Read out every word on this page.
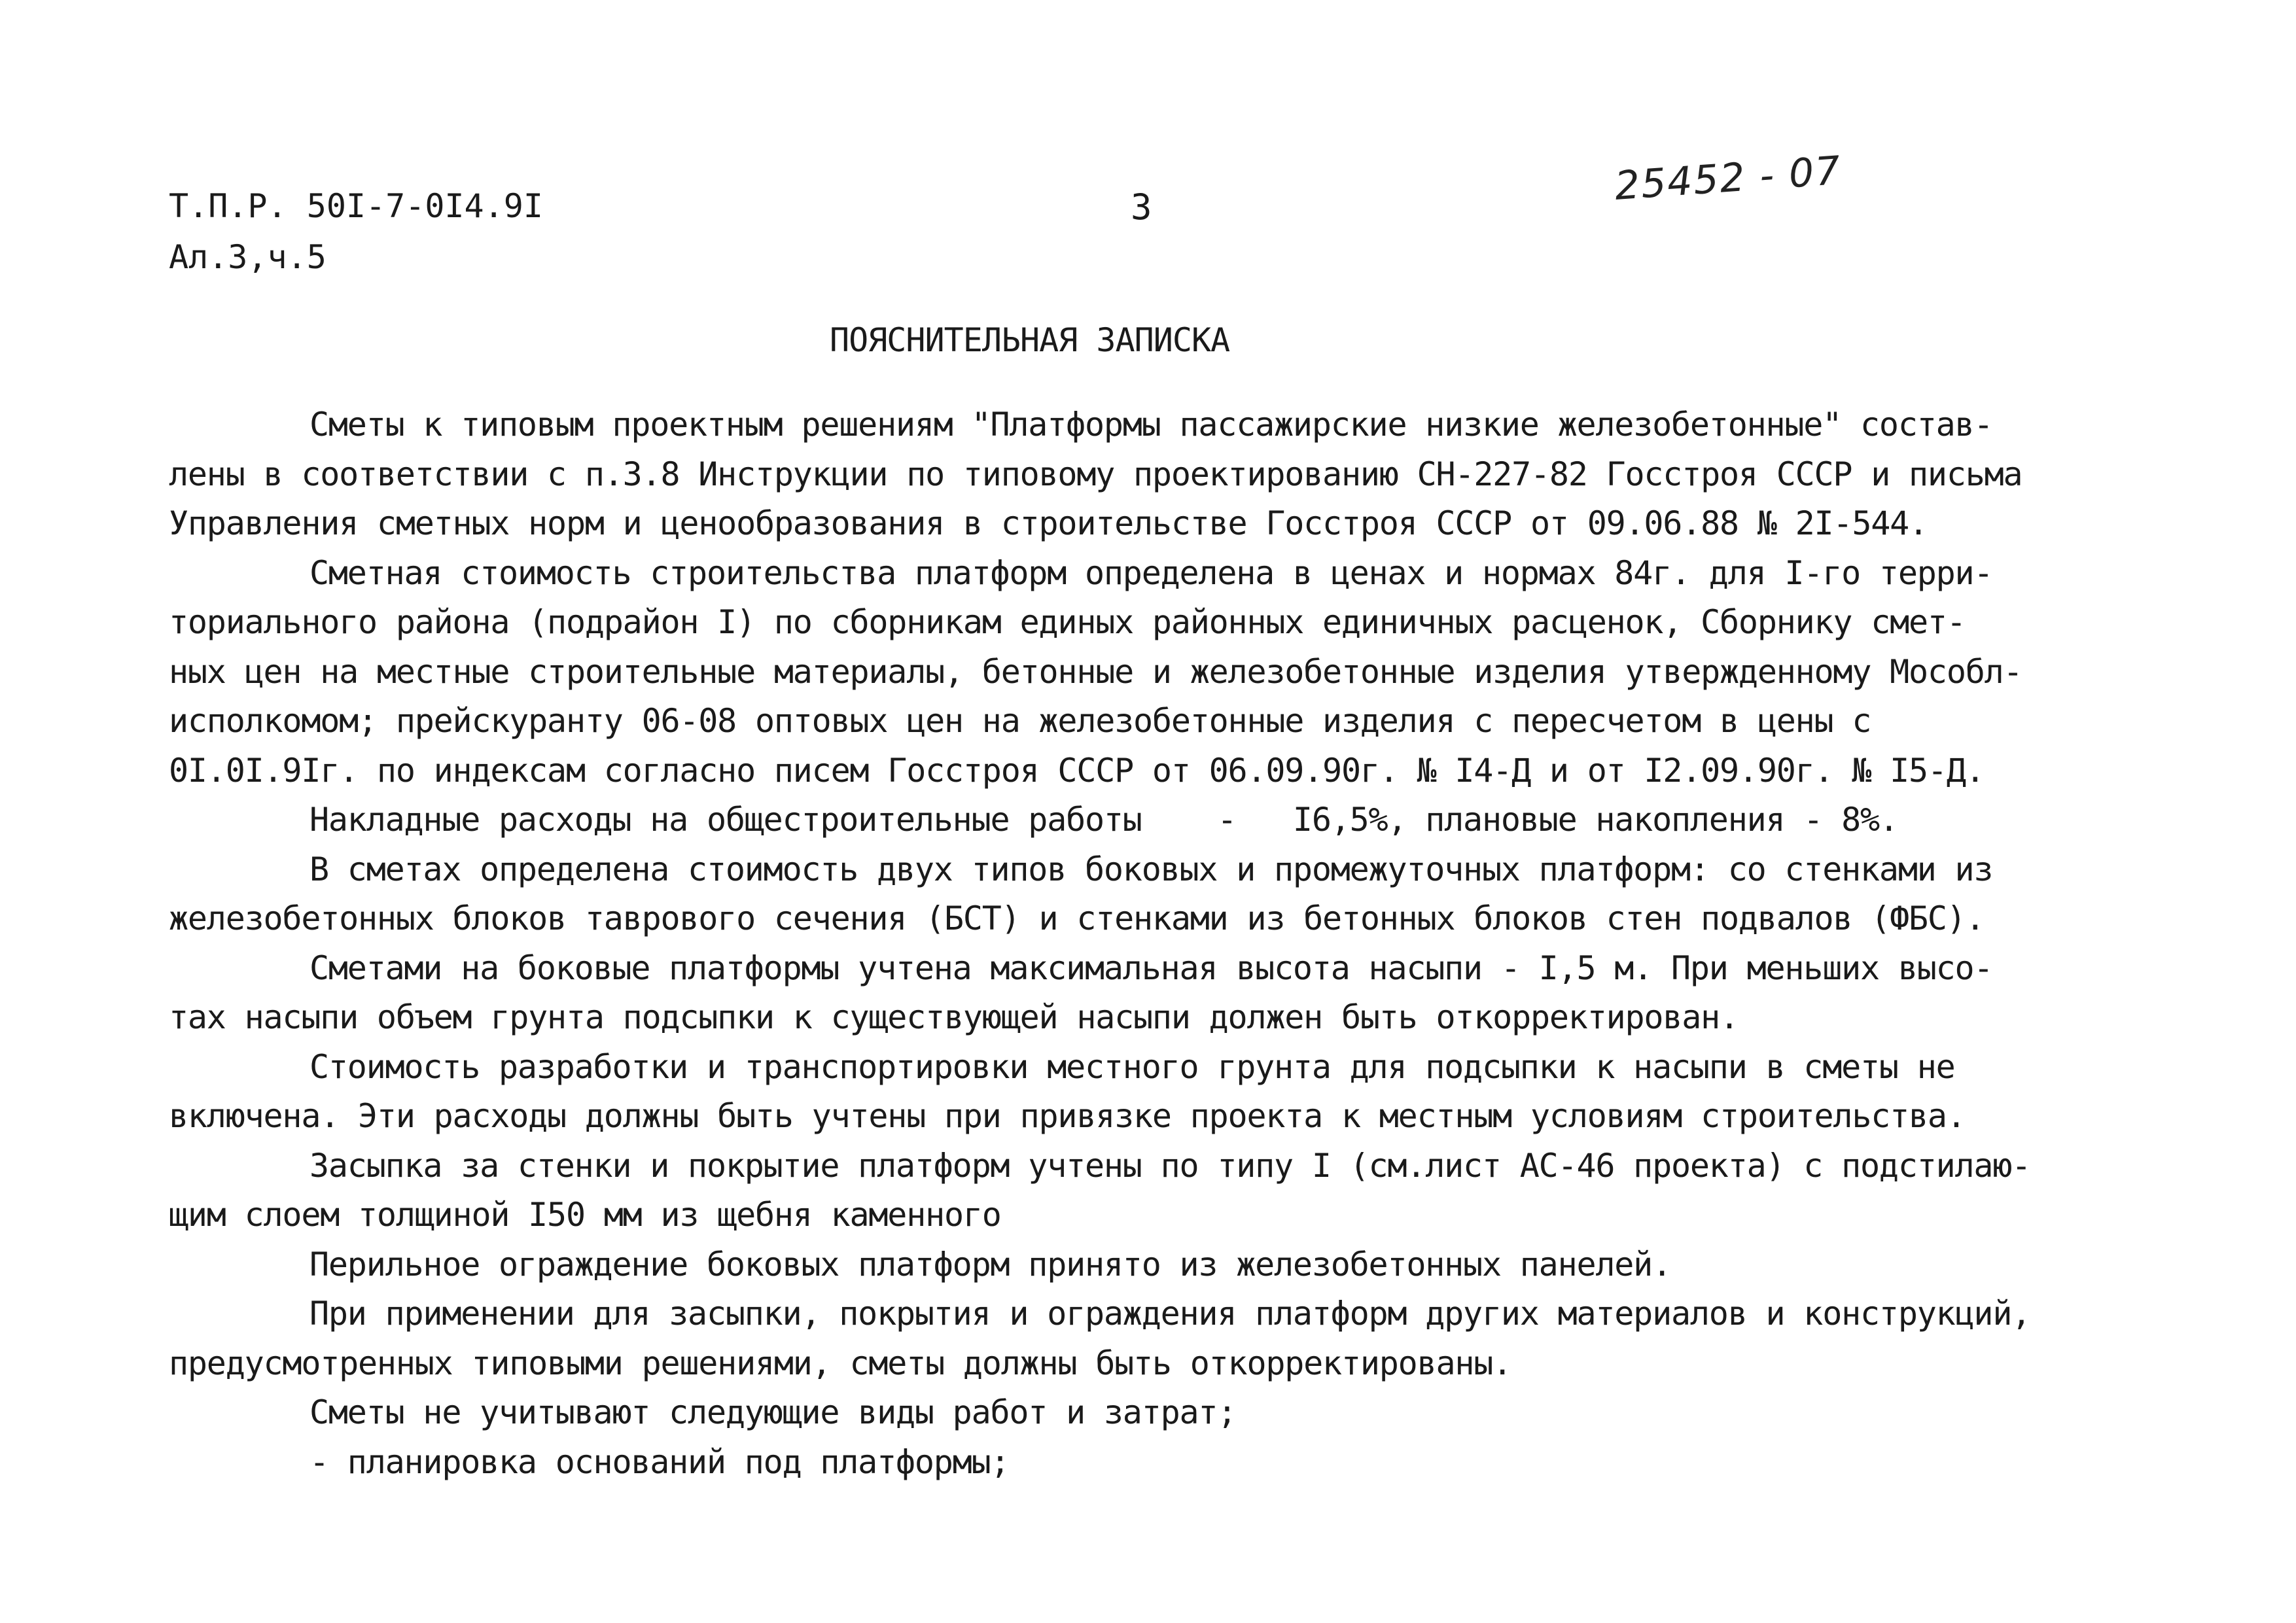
Т.П.Р. 50I-7-0I4.9I
Ал.3,ч.5
3	25452 - 07
ПОЯСНИТЕЛЬНАЯ ЗАПИСКА
Сметы к типовым проектным решениям "Платформы пассажирские низкие железобетонные" состав-
лены в соответствии с п.3.8 Инструкции по типовому проектированию СН-227-82 Госстроя СССР и письма
Управления сметных норм и ценообразования в строительстве Госстроя СССР от 09.06.88 № 2I-544.
Сметная стоимость строительства платформ определена в ценах и нормах 84г. для I-го терри-
ториального района (подрайон I) по сборникам единых районных единичных расценок, Сборнику смет-
ных цен на местные строительные материалы, бетонные и железобетонные изделия утвержденному Мособл-
исполкомом; прейскуранту 06-08 оптовых цен на железобетонные изделия с пересчетом в цены с
0I.0I.9Iг. по индексам согласно писем Госстроя СССР от 06.09.90г. № I4-Д и от I2.09.90г. № I5-Д.
Накладные расходы на общестроительные работы    -   I6,5%, плановые накопления - 8%.
В сметах определена стоимость двух типов боковых и промежуточных платформ: со стенками из
железобетонных блоков таврового сечения (БСТ) и стенками из бетонных блоков стен подвалов (ФБС).
Сметами на боковые платформы учтена максимальная высота насыпи - I,5 м. При меньших высо-
тах насыпи объем грунта подсыпки к существующей насыпи должен быть откорректирован.
Стоимость разработки и транспортировки местного грунта для подсыпки к насыпи в сметы не
включена. Эти расходы должны быть учтены при привязке проекта к местным условиям строительства.
Засыпка за стенки и покрытие платформ учтены по типу I (см.лист АС-46 проекта) с подстилаю-
щим слоем толщиной I50 мм из щебня каменного
Перильное ограждение боковых платформ принято из железобетонных панелей.
При применении для засыпки, покрытия и ограждения платформ других материалов и конструкций,
предусмотренных типовыми решениями, сметы должны быть откорректированы.
Сметы не учитывают следующие виды работ и затрат;
- планировка оснований под платформы;
